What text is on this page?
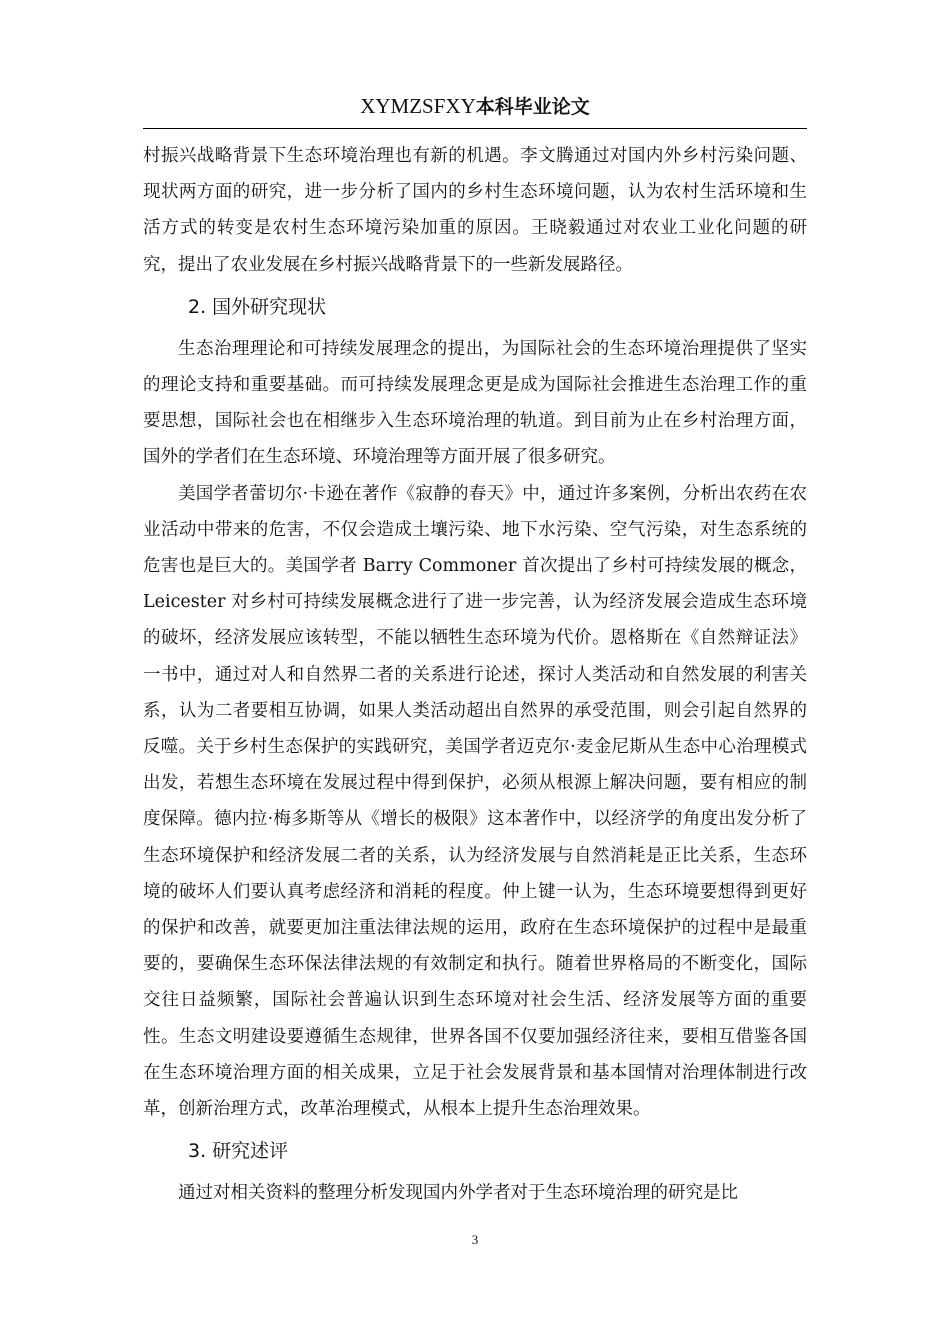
XYMZSFXY本科毕业论文

村振兴战略背景下生态环境治理也有新的机遇。李文腾通过对国内外乡村污染问题、现状两方面的研究，进一步分析了国内的乡村生态环境问题，认为农村生活环境和生活方式的转变是农村生态环境污染加重的原因。王晓毅通过对农业工业化问题的研究，提出了农业发展在乡村振兴战略背景下的一些新发展路径。

2. 国外研究现状

生态治理理论和可持续发展理念的提出，为国际社会的生态环境治理提供了坚实的理论支持和重要基础。而可持续发展理念更是成为国际社会推进生态治理工作的重要思想，国际社会也在相继步入生态环境治理的轨道。到目前为止在乡村治理方面，国外的学者们在生态环境、环境治理等方面开展了很多研究。

美国学者蕾切尔·卡逊在著作《寂静的春天》中，通过许多案例，分析出农药在农业活动中带来的危害，不仅会造成土壤污染、地下水污染、空气污染，对生态系统的危害也是巨大的。美国学者 Barry Commoner 首次提出了乡村可持续发展的概念，Leicester 对乡村可持续发展概念进行了进一步完善，认为经济发展会造成生态环境的破坏，经济发展应该转型，不能以牺牲生态环境为代价。恩格斯在《自然辩证法》一书中，通过对人和自然界二者的关系进行论述，探讨人类活动和自然发展的利害关系，认为二者要相互协调，如果人类活动超出自然界的承受范围，则会引起自然界的反噬。关于乡村生态保护的实践研究，美国学者迈克尔·麦金尼斯从生态中心治理模式出发，若想生态环境在发展过程中得到保护，必须从根源上解决问题，要有相应的制度保障。德内拉·梅多斯等从《增长的极限》这本著作中，以经济学的角度出发分析了生态环境保护和经济发展二者的关系，认为经济发展与自然消耗是正比关系，生态环境的破坏人们要认真考虑经济和消耗的程度。仲上键一认为，生态环境要想得到更好的保护和改善，就要更加注重法律法规的运用，政府在生态环境保护的过程中是最重要的，要确保生态环保法律法规的有效制定和执行。随着世界格局的不断变化，国际交往日益频繁，国际社会普遍认识到生态环境对社会生活、经济发展等方面的重要性。生态文明建设要遵循生态规律，世界各国不仅要加强经济往来，要相互借鉴各国在生态环境治理方面的相关成果，立足于社会发展背景和基本国情对治理体制进行改革，创新治理方式，改革治理模式，从根本上提升生态治理效果。

3. 研究述评

通过对相关资料的整理分析发现国内外学者对于生态环境治理的研究是比

3
